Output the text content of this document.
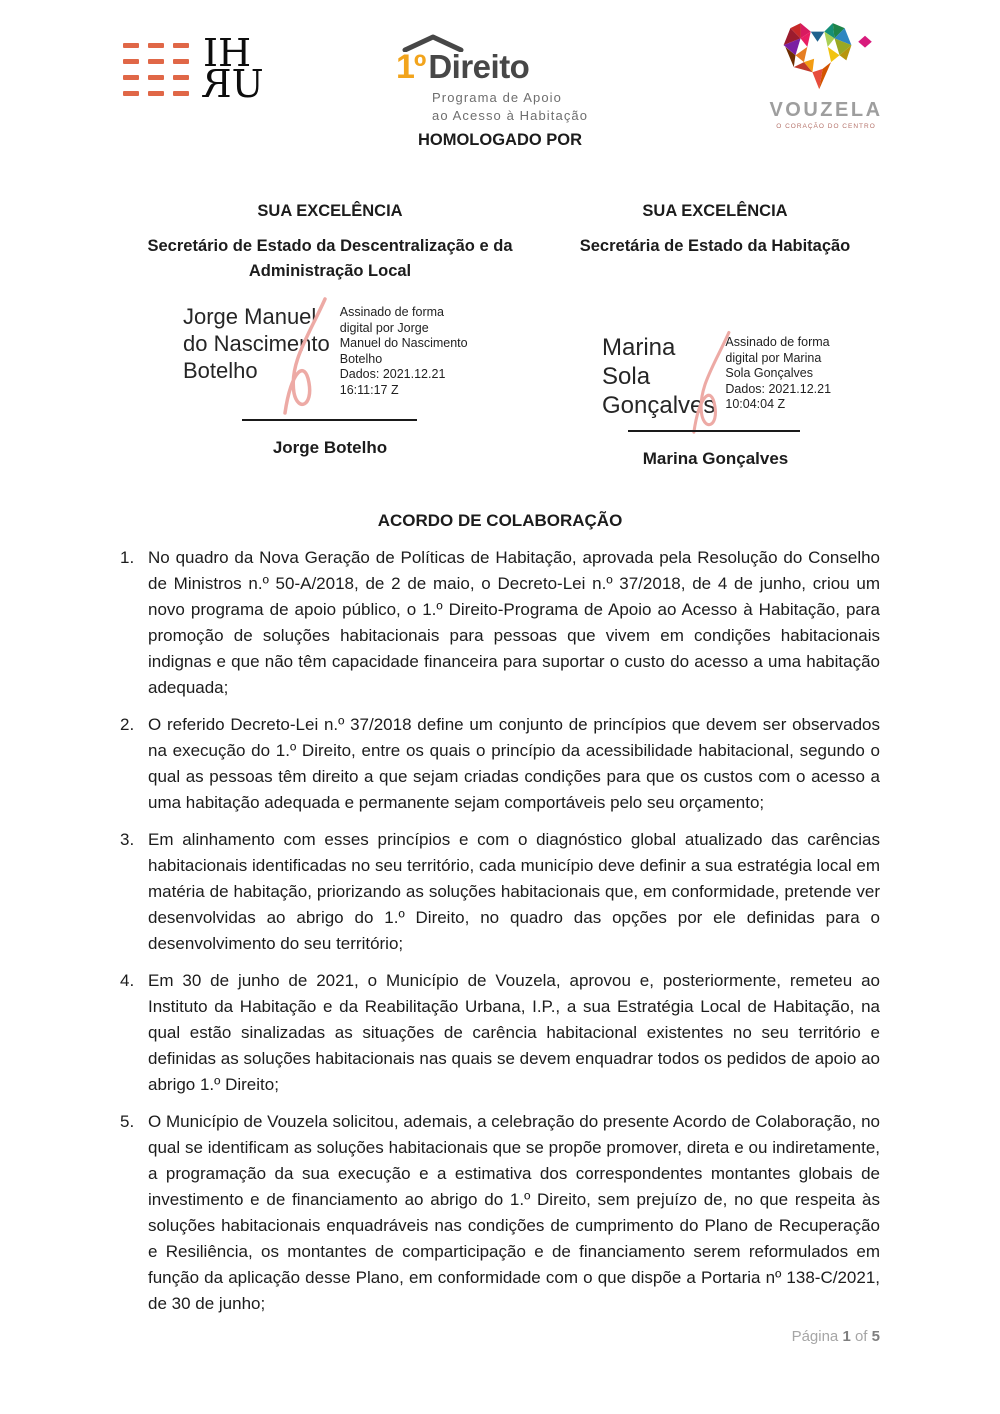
IH
RU	1º Direito
Programa de Apoio
ao Acesso à Habitação	VOUZELA
O CORAÇÃO DO CENTRO
HOMOLOGADO POR
SUA EXCELÊNCIA
Secretário de Estado da Descentralização e da Administração Local
SUA EXCELÊNCIA
Secretária de Estado da Habitação
Jorge Manuel
do Nascimento
Botelho
Assinado de forma
digital por Jorge
Manuel do Nascimento
Botelho
Dados: 2021.12.21
16:11:17 Z
Jorge Botelho
Marina
Sola
Gonçalves
Assinado de forma
digital por Marina
Sola Gonçalves
Dados: 2021.12.21
10:04:04 Z
Marina Gonçalves
ACORDO DE COLABORAÇÃO
1. No quadro da Nova Geração de Políticas de Habitação, aprovada pela Resolução do Conselho de Ministros n.º 50-A/2018, de 2 de maio, o Decreto-Lei n.º 37/2018, de 4 de junho, criou um novo programa de apoio público, o 1.º Direito-Programa de Apoio ao Acesso à Habitação, para promoção de soluções habitacionais para pessoas que vivem em condições habitacionais indignas e que não têm capacidade financeira para suportar o custo do acesso a uma habitação adequada;
2. O referido Decreto-Lei n.º 37/2018 define um conjunto de princípios que devem ser observados na execução do 1.º Direito, entre os quais o princípio da acessibilidade habitacional, segundo o qual as pessoas têm direito a que sejam criadas condições para que os custos com o acesso a uma habitação adequada e permanente sejam comportáveis pelo seu orçamento;
3. Em alinhamento com esses princípios e com o diagnóstico global atualizado das carências habitacionais identificadas no seu território, cada município deve definir a sua estratégia local em matéria de habitação, priorizando as soluções habitacionais que, em conformidade, pretende ver desenvolvidas ao abrigo do 1.º Direito, no quadro das opções por ele definidas para o desenvolvimento do seu território;
4. Em 30 de junho de 2021, o Município de Vouzela, aprovou e, posteriormente, remeteu ao Instituto da Habitação e da Reabilitação Urbana, I.P., a sua Estratégia Local de Habitação, na qual estão sinalizadas as situações de carência habitacional existentes no seu território e definidas as soluções habitacionais nas quais se devem enquadrar todos os pedidos de apoio ao abrigo 1.º Direito;
5. O Município de Vouzela solicitou, ademais, a celebração do presente Acordo de Colaboração, no qual se identificam as soluções habitacionais que se propõe promover, direta e ou indiretamente, a programação da sua execução e a estimativa dos correspondentes montantes globais de investimento e de financiamento ao abrigo do 1.º Direito, sem prejuízo de, no que respeita às soluções habitacionais enquadráveis nas condições de cumprimento do Plano de Recuperação e Resiliência, os montantes de comparticipação e de financiamento serem reformulados em função da aplicação desse Plano, em conformidade com o que dispõe a Portaria nº 138-C/2021, de 30 de junho;
Página 1 of 5
